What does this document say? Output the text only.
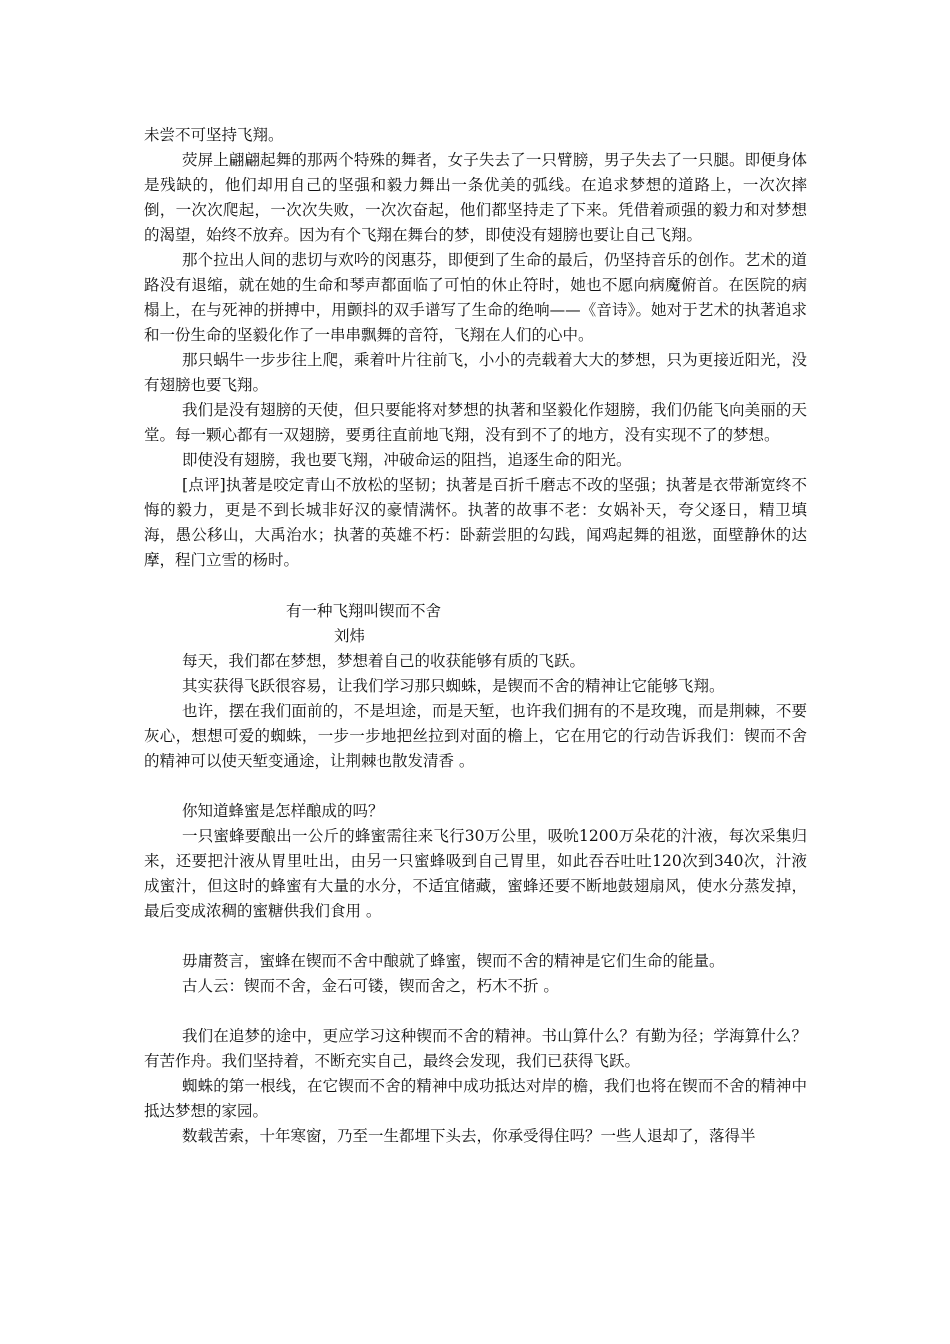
未尝不可坚持飞翔。

荧屏上翩翩起舞的那两个特殊的舞者，女子失去了一只臂膀，男子失去了一只腿。即便身体是残缺的，他们却用自己的坚强和毅力舞出一条优美的弧线。在追求梦想的道路上，一次次摔倒，一次次爬起，一次次失败，一次次奋起，他们都坚持走了下来。凭借着顽强的毅力和对梦想的渴望，始终不放弃。因为有个飞翔在舞台的梦，即使没有翅膀也要让自己飞翔。

那个拉出人间的悲切与欢吟的闵惠芬，即便到了生命的最后，仍坚持音乐的创作。艺术的道路没有退缩，就在她的生命和琴声都面临了可怕的休止符时，她也不愿向病魔俯首。在医院的病榻上，在与死神的拼搏中，用颤抖的双手谱写了生命的绝响——《音诗》。她对于艺术的执著追求和一份生命的坚毅化作了一串串飘舞的音符，飞翔在人们的心中。

那只蜗牛一步步往上爬，乘着叶片往前飞，小小的壳载着大大的梦想，只为更接近阳光，没有翅膀也要飞翔。

我们是没有翅膀的天使，但只要能将对梦想的执著和坚毅化作翅膀，我们仍能飞向美丽的天堂。每一颗心都有一双翅膀，要勇往直前地飞翔，没有到不了的地方，没有实现不了的梦想。

即使没有翅膀，我也要飞翔，冲破命运的阻挡，追逐生命的阳光。

[点评]执著是咬定青山不放松的坚韧；执著是百折千磨志不改的坚强；执著是衣带渐宽终不悔的毅力，更是不到长城非好汉的豪情满怀。执著的故事不老：女娲补天，夸父逐日，精卫填海，愚公移山，大禹治水；执著的英雄不朽：卧薪尝胆的勾践，闻鸡起舞的祖逖，面壁静休的达摩，程门立雪的杨时。

有一种飞翔叫锲而不舍

刘炜

每天，我们都在梦想，梦想着自己的收获能够有质的飞跃。

其实获得飞跃很容易，让我们学习那只蜘蛛，是锲而不舍的精神让它能够飞翔。

也许，摆在我们面前的，不是坦途，而是天堑，也许我们拥有的不是玫瑰，而是荆棘，不要灰心，想想可爱的蜘蛛，一步一步地把丝拉到对面的檐上，它在用它的行动告诉我们：锲而不舍的精神可以使天堑变通途，让荆棘也散发清香 。

你知道蜂蜜是怎样酿成的吗？

一只蜜蜂要酿出一公斤的蜂蜜需往来飞行30万公里，吸吮1200万朵花的汁液，每次采集归来，还要把汁液从胃里吐出，由另一只蜜蜂吸到自己胃里，如此吞吞吐吐120次到340次，汁液成蜜汁，但这时的蜂蜜有大量的水分，不适宜储藏，蜜蜂还要不断地鼓翅扇风，使水分蒸发掉，最后变成浓稠的蜜糖供我们食用 。

毋庸赘言，蜜蜂在锲而不舍中酿就了蜂蜜，锲而不舍的精神是它们生命的能量。

古人云：锲而不舍，金石可镂，锲而舍之，朽木不折 。

我们在追梦的途中，更应学习这种锲而不舍的精神。书山算什么？有勤为径；学海算什么？有苦作舟。我们坚持着，不断充实自己，最终会发现，我们已获得飞跃。

蜘蛛的第一根线，在它锲而不舍的精神中成功抵达对岸的檐，我们也将在锲而不舍的精神中抵达梦想的家园。

数载苦索，十年寒窗，乃至一生都埋下头去，你承受得住吗？一些人退却了，落得半
